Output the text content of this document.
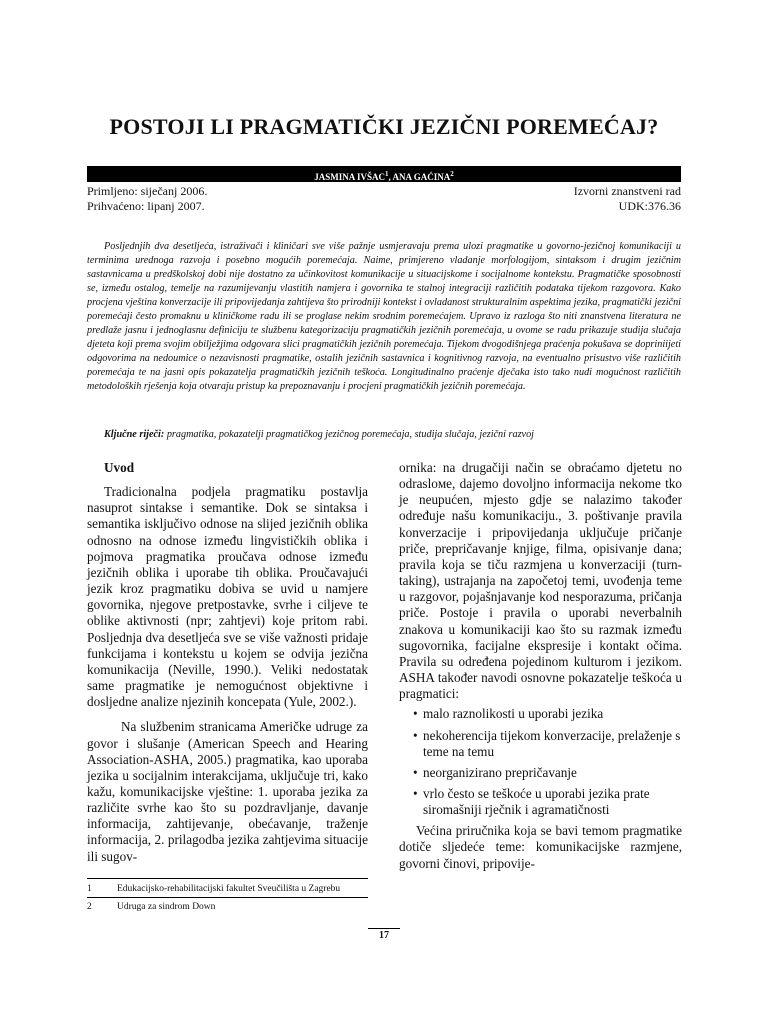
POSTOJI LI PRAGMATIČKI JEZIČNI POREMEĆAJ?
JASMINA IVŠAC$^1$, ANA GAĆINA$^2$
Primljeno: siječanj 2006.
Prihvaćeno: lipanj 2007.
Izvorni znanstveni rad
UDK:376.36
Posljednjih dva desetljeća, istraživači i kliničari sve više pažnje usmjeravaju prema ulozi pragmatike u govorno-jezičnoj komunikaciji u terminima urednoga razvoja i posebno mogućih poremećaja. Naime, primjereno vladanje morfologijom, sintaksom i drugim jezičnim sastavnicama u predškolskoj dobi nije dostatno za učinkovitost komunikacije u situacijskome i socijalnome kontekstu. Pragmatičke sposobnosti se, između ostalog, temelje na razumijevanju vlastitih namjera i govornika te stalnoj integraciji različitih podataka tijekom razgovora. Kako procjena vještina konverzacije ili pripovijedanja zahtijeva što prirodniji kontekst i ovladanost strukturalnim aspektima jezika, pragmatički jezični poremećaji često promaknu u kliničkome radu ili se proglase nekim srodnim poremećajem. Upravo iz razloga što niti znanstvena literatura ne predlaže jasnu i jednoglasnu definiciju te službenu kategorizaciju pragmatičkih jezičnih poremećaja, u ovome se radu prikazuje studija slučaja djeteta koji prema svojim obilježjima odgovara slici pragmatičkih jezičnih poremećaja. Tijekom dvogodišnjega praćenja pokušava se dopriniijeti odgovorima na nedoumice o nezavisnosti pragmatike, ostalih jezičnih sastavnica i kognitivnog razvoja, na eventualno prisustvo više različitih poremećaja te na jasni opis pokazatelja pragmatičkih jezičnih teškoća. Longitudinalno praćenje dječaka isto tako nudi mogućnost različitih metodoloških rješenja koja otvaraju pristup ka prepoznavanju i procjeni pragmatičkih jezičnih poremećaja.
Ključne riječi: pragmatika, pokazatelji pragmatičkog jezičnog poremećaja, studija slučaja, jezični razvoj

Uvod

Tradicionalna podjela pragmatiku postavlja nasuprot sintakse i semantike. Dok se sintaksa i semantika isključivo odnose na slijed jezičnih oblika odnosno na odnose između lingvističkih oblika i pojmova pragmatika proučava odnose između jezičnih oblika i uporabe tih oblika. Proučavajući jezik kroz pragmatiku dobiva se uvid u namjere govornika, njegove pretpostavke, svrhe i ciljeve te oblike aktivnosti (npr; zahtjevi) koje pritom rabi. Posljednja dva desetljeća sve se više važnosti pridaje funkcijama i kontekstu u kojem se odvija jezična komunikacija (Neville, 1990.). Veliki nedostatak same pragmatike je nemogućnost objektivne i dosljedne analize njezinih koncepata (Yule, 2002.).

Na službenim stranicama Američke udruge za govor i slušanje (American Speech and Hearing Association-ASHA, 2005.) pragmatika, kao uporaba jezika u socijalnim interakcijama, uključuje tri, kako kažu, komunikacijske vještine: 1. uporaba jezika za različite svrhe kao što su pozdravljanje, davanje informacija, zahtijevanje, obećavanje, traženje informacija, 2. prilagodba jezika zahtjevima situacije ili sugov-

ornika: na drugačiji način se obraćamo djetetu no odrasloме, dajemo dovoljno informacija nekome tko je neupućen, mjesto gdje se nalazimo također određuje našu komunikaciju., 3. poštivanje pravila konverzacije i pripovijedanja uključuje pričanje priče, prepričavanje knjige, filma, opisivanje dana; pravila koja se tiču razmjena u konverzaciji (turn-taking), ustrajanja na započetoj temi, uvođenja teme u razgovor, pojašnjavanje kod nesporazuma, pričanja priče. Postoje i pravila o uporabi neverbalnih znakova u komunikaciji kao što su razmak između sugovornika, facijalne ekspresije i kontakt očima. Pravila su određena pojedinom kulturom i jezikom. ASHA također navodi osnovne pokazatelje teškoća u pragmatici:

• malo raznolikosti u uporabi jezika
• nekoherencija tijekom konverzacije, prelaženje s teme na temu
• neorganizirano prepričavanje
• vrlo često se teškoće u uporabi jezika prate siromašniji rječnik i agramatičnosti

Većina priručnika koja se bavi temom pragmatike dotiče sljedeće teme: komunikacijske razmjene, govorni činovi, pripovije-

1	Edukacijsko-rehabilitacijski fakultet Sveučilišta u Zagrebu
2	Udruga za sindrom Down
17
